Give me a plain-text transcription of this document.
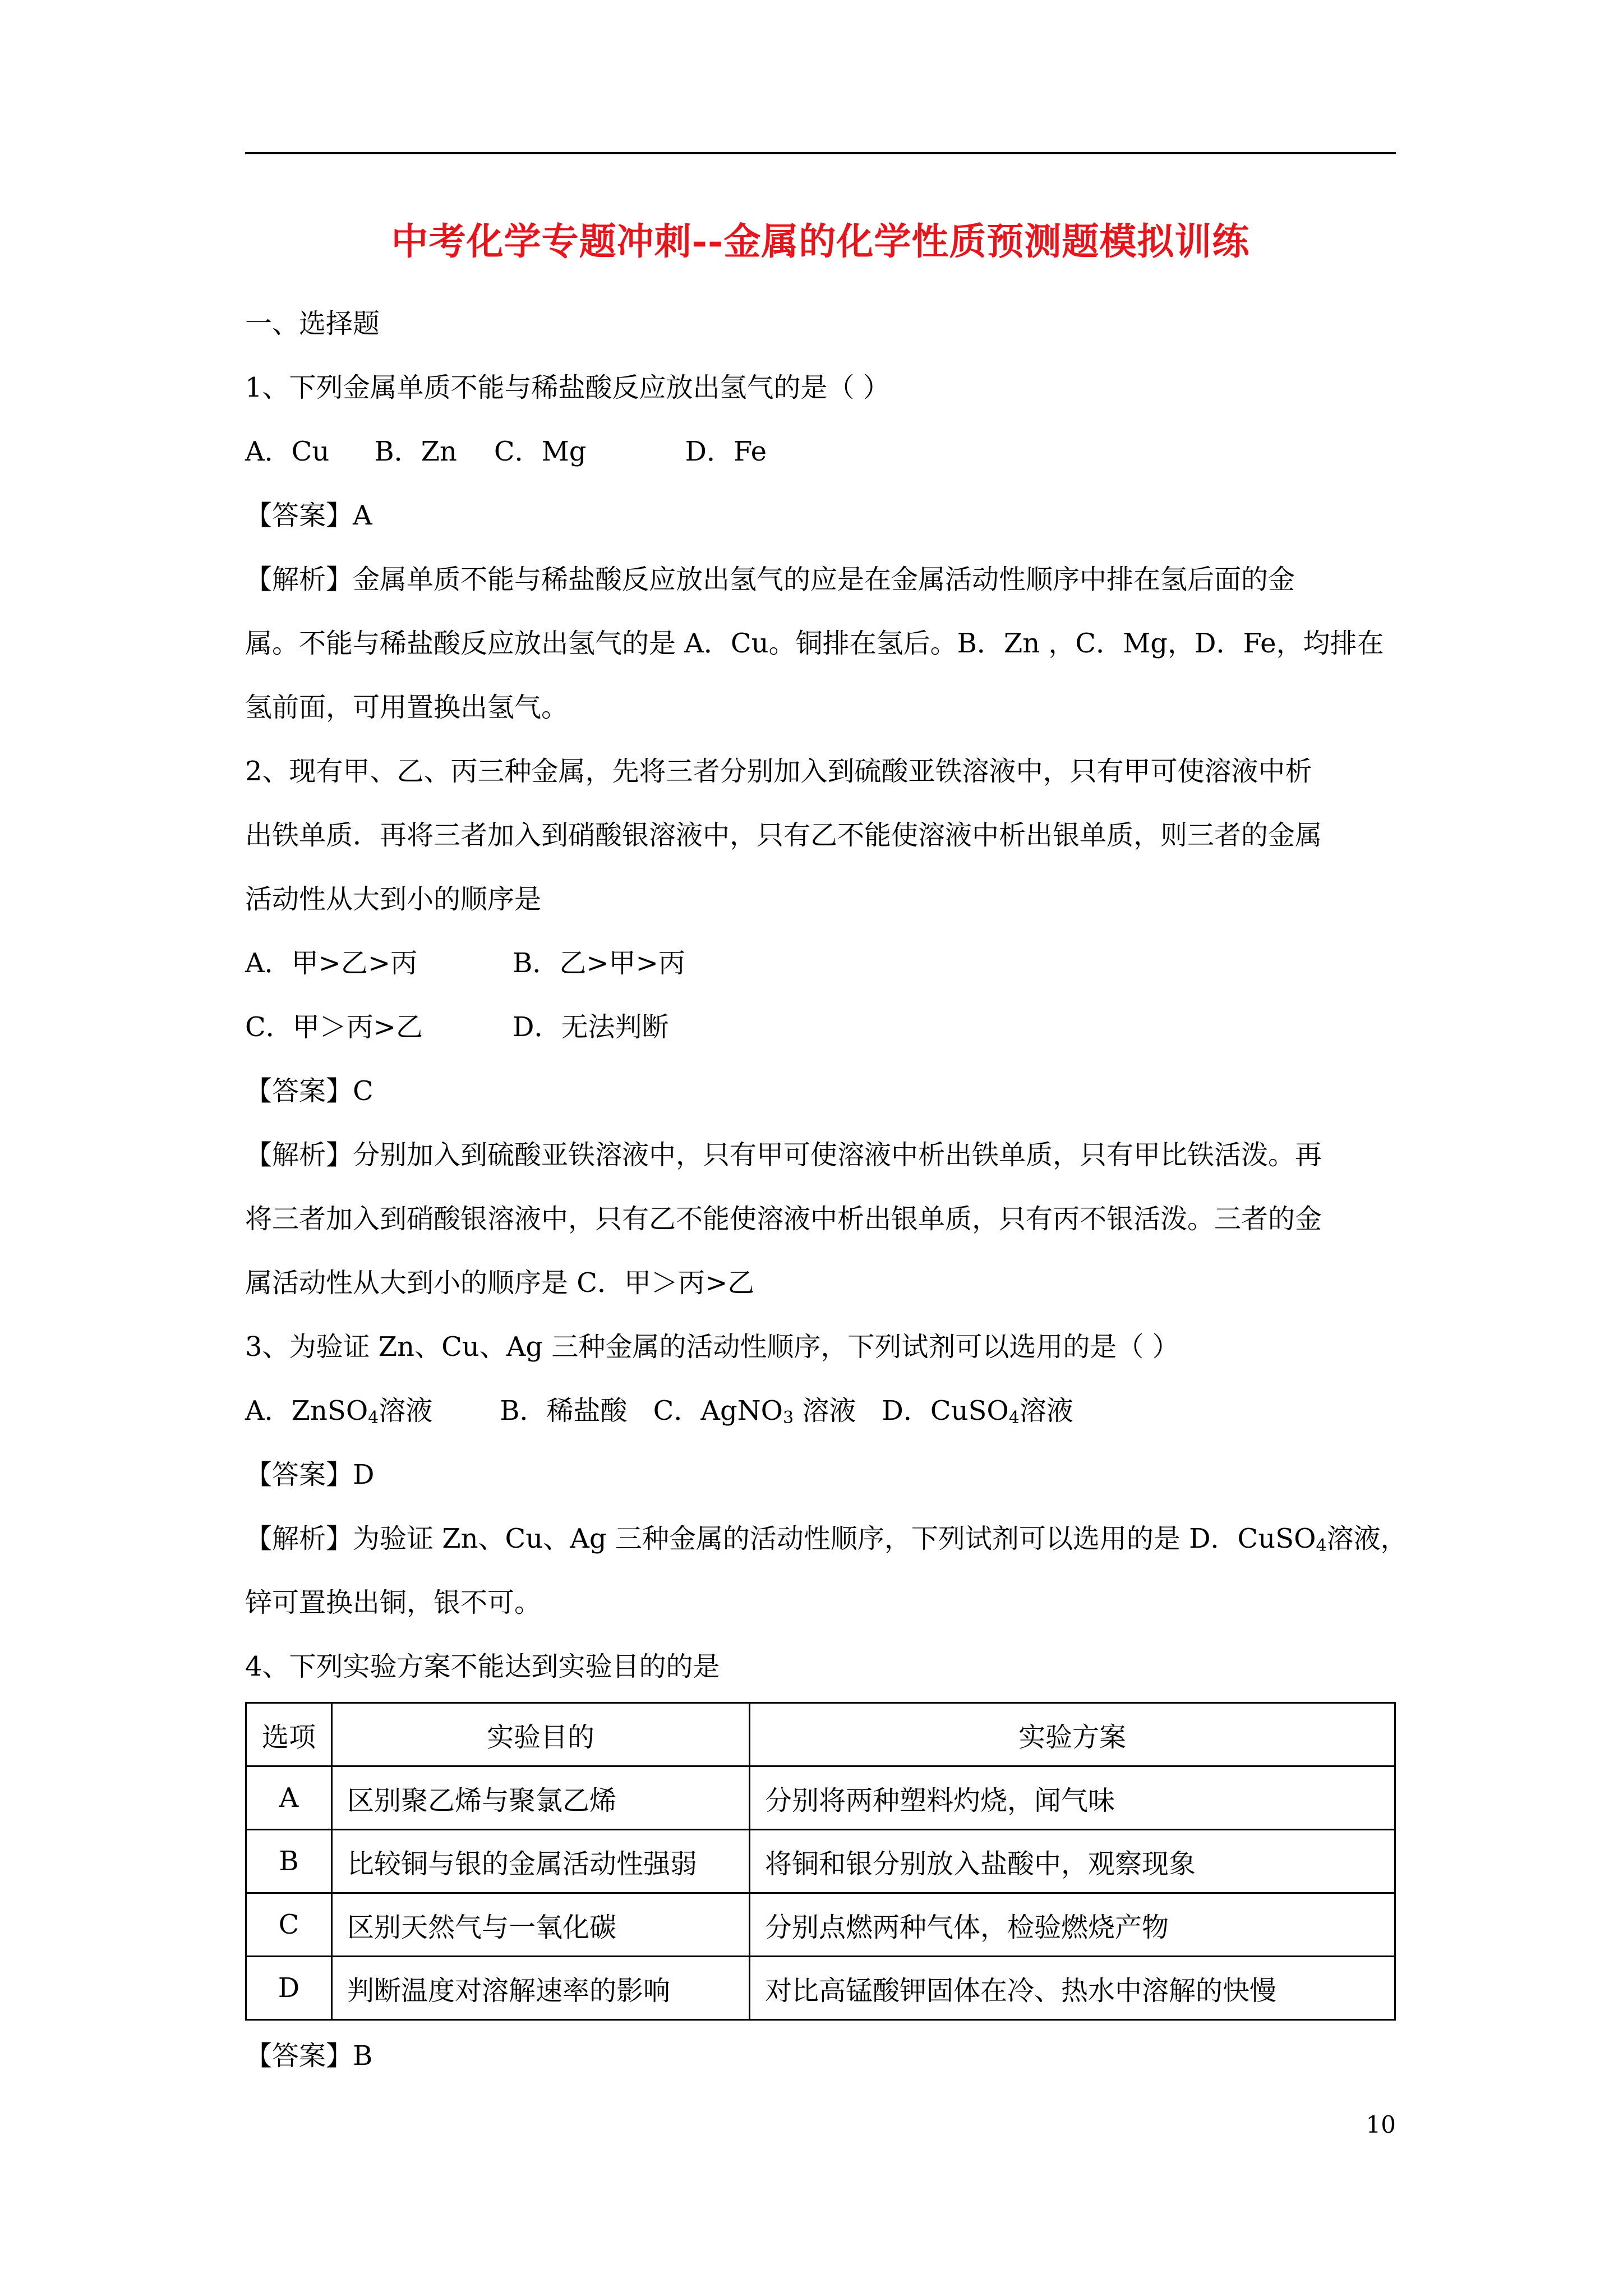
中考化学专题冲刺--金属的化学性质预测题模拟训练

一、选择题

1、下列金属单质不能与稀盐酸反应放出氢气的是（ ）

A．Cu B．Zn C．Mg	D．Fe

【答案】A

【解析】金属单质不能与稀盐酸反应放出氢气的应是在金属活动性顺序中排在氢后面的金

属。不能与稀盐酸反应放出氢气的是 A．Cu。铜排在氢后。B．Zn ，C．Mg，D．Fe，均排在

氢前面，可用置换出氢气。

2、现有甲、乙、丙三种金属，先将三者分别加入到硫酸亚铁溶液中，只有甲可使溶液中析

出铁单质．再将三者加入到硝酸银溶液中，只有乙不能使溶液中析出银单质，则三者的金属

活动性从大到小的顺序是

A．甲>乙>丙	B．乙>甲>丙

C．甲＞丙>乙	D．无法判断

【答案】C

【解析】分别加入到硫酸亚铁溶液中，只有甲可使溶液中析出铁单质，只有甲比铁活泼。再

将三者加入到硝酸银溶液中，只有乙不能使溶液中析出银单质，只有丙不银活泼。三者的金

属活动性从大到小的顺序是 C．甲＞丙>乙

3、为验证 Zn、Cu、Ag 三种金属的活动性顺序，下列试剂可以选用的是（ ）

A．ZnSO$_4$溶液	B．稀盐酸 C．AgNO$_3$ 溶液 D．CuSO$_4$溶液

【答案】D

【解析】为验证 Zn、Cu、Ag 三种金属的活动性顺序，下列试剂可以选用的是 D．CuSO$_4$溶液，

锌可置换出铜，银不可。

4、下列实验方案不能达到实验目的的是

选项	实验目的	实验方案
A	区别聚乙烯与聚氯乙烯	分别将两种塑料灼烧，闻气味
B	比较铜与银的金属活动性强弱	将铜和银分别放入盐酸中，观察现象
C	区别天然气与一氧化碳	分别点燃两种气体，检验燃烧产物
D	判断温度对溶解速率的影响	对比高锰酸钾固体在冷、热水中溶解的快慢

【答案】B

10
